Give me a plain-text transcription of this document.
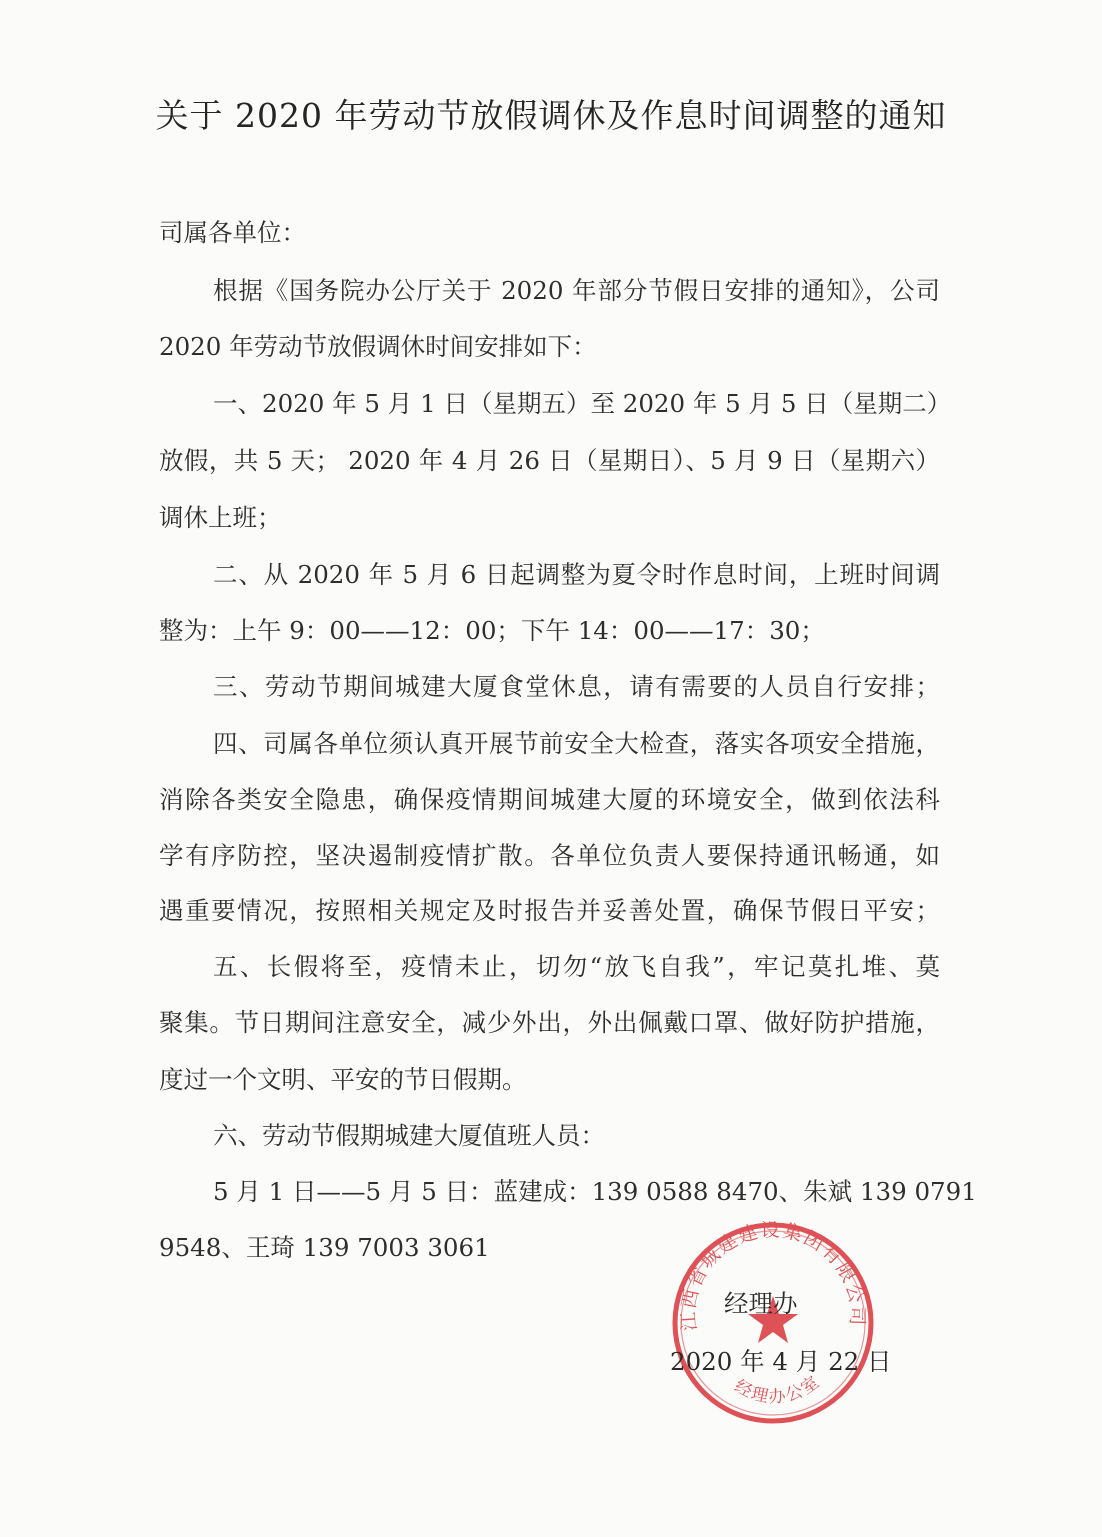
关于 2020 年劳动节放假调休及作息时间调整的通知
司属各单位：
根据《国务院办公厅关于 2020 年部分节假日安排的通知》，公司
2020 年劳动节放假调休时间安排如下：
一、2020 年 5 月 1 日（星期五）至 2020 年 5 月 5 日（星期二）
放假，共 5 天； 2020 年 4 月 26 日（星期日）、5 月 9 日（星期六）
调休上班；
二、从 2020 年 5 月 6 日起调整为夏令时作息时间，上班时间调
整为：上午 9：00——12：00；下午 14：00——17：30；
三、劳动节期间城建大厦食堂休息，请有需要的人员自行安排；
四、司属各单位须认真开展节前安全大检查，落实各项安全措施，
消除各类安全隐患，确保疫情期间城建大厦的环境安全，做到依法科
学有序防控，坚决遏制疫情扩散。各单位负责人要保持通讯畅通，如
遇重要情况，按照相关规定及时报告并妥善处置，确保节假日平安；
五、长假将至，疫情未止，切勿“放飞自我”，牢记莫扎堆、莫
聚集。节日期间注意安全，减少外出，外出佩戴口罩、做好防护措施，
度过一个文明、平安的节日假期。
六、劳动节假期城建大厦值班人员：
5 月 1 日——5 月 5 日：蓝建成：139 0588 8470、朱斌 139 0791
9548、王琦 139 7003 3061
江西省城建建设集团有限公司
经理办公室
经理办
2020 年 4 月 22 日
